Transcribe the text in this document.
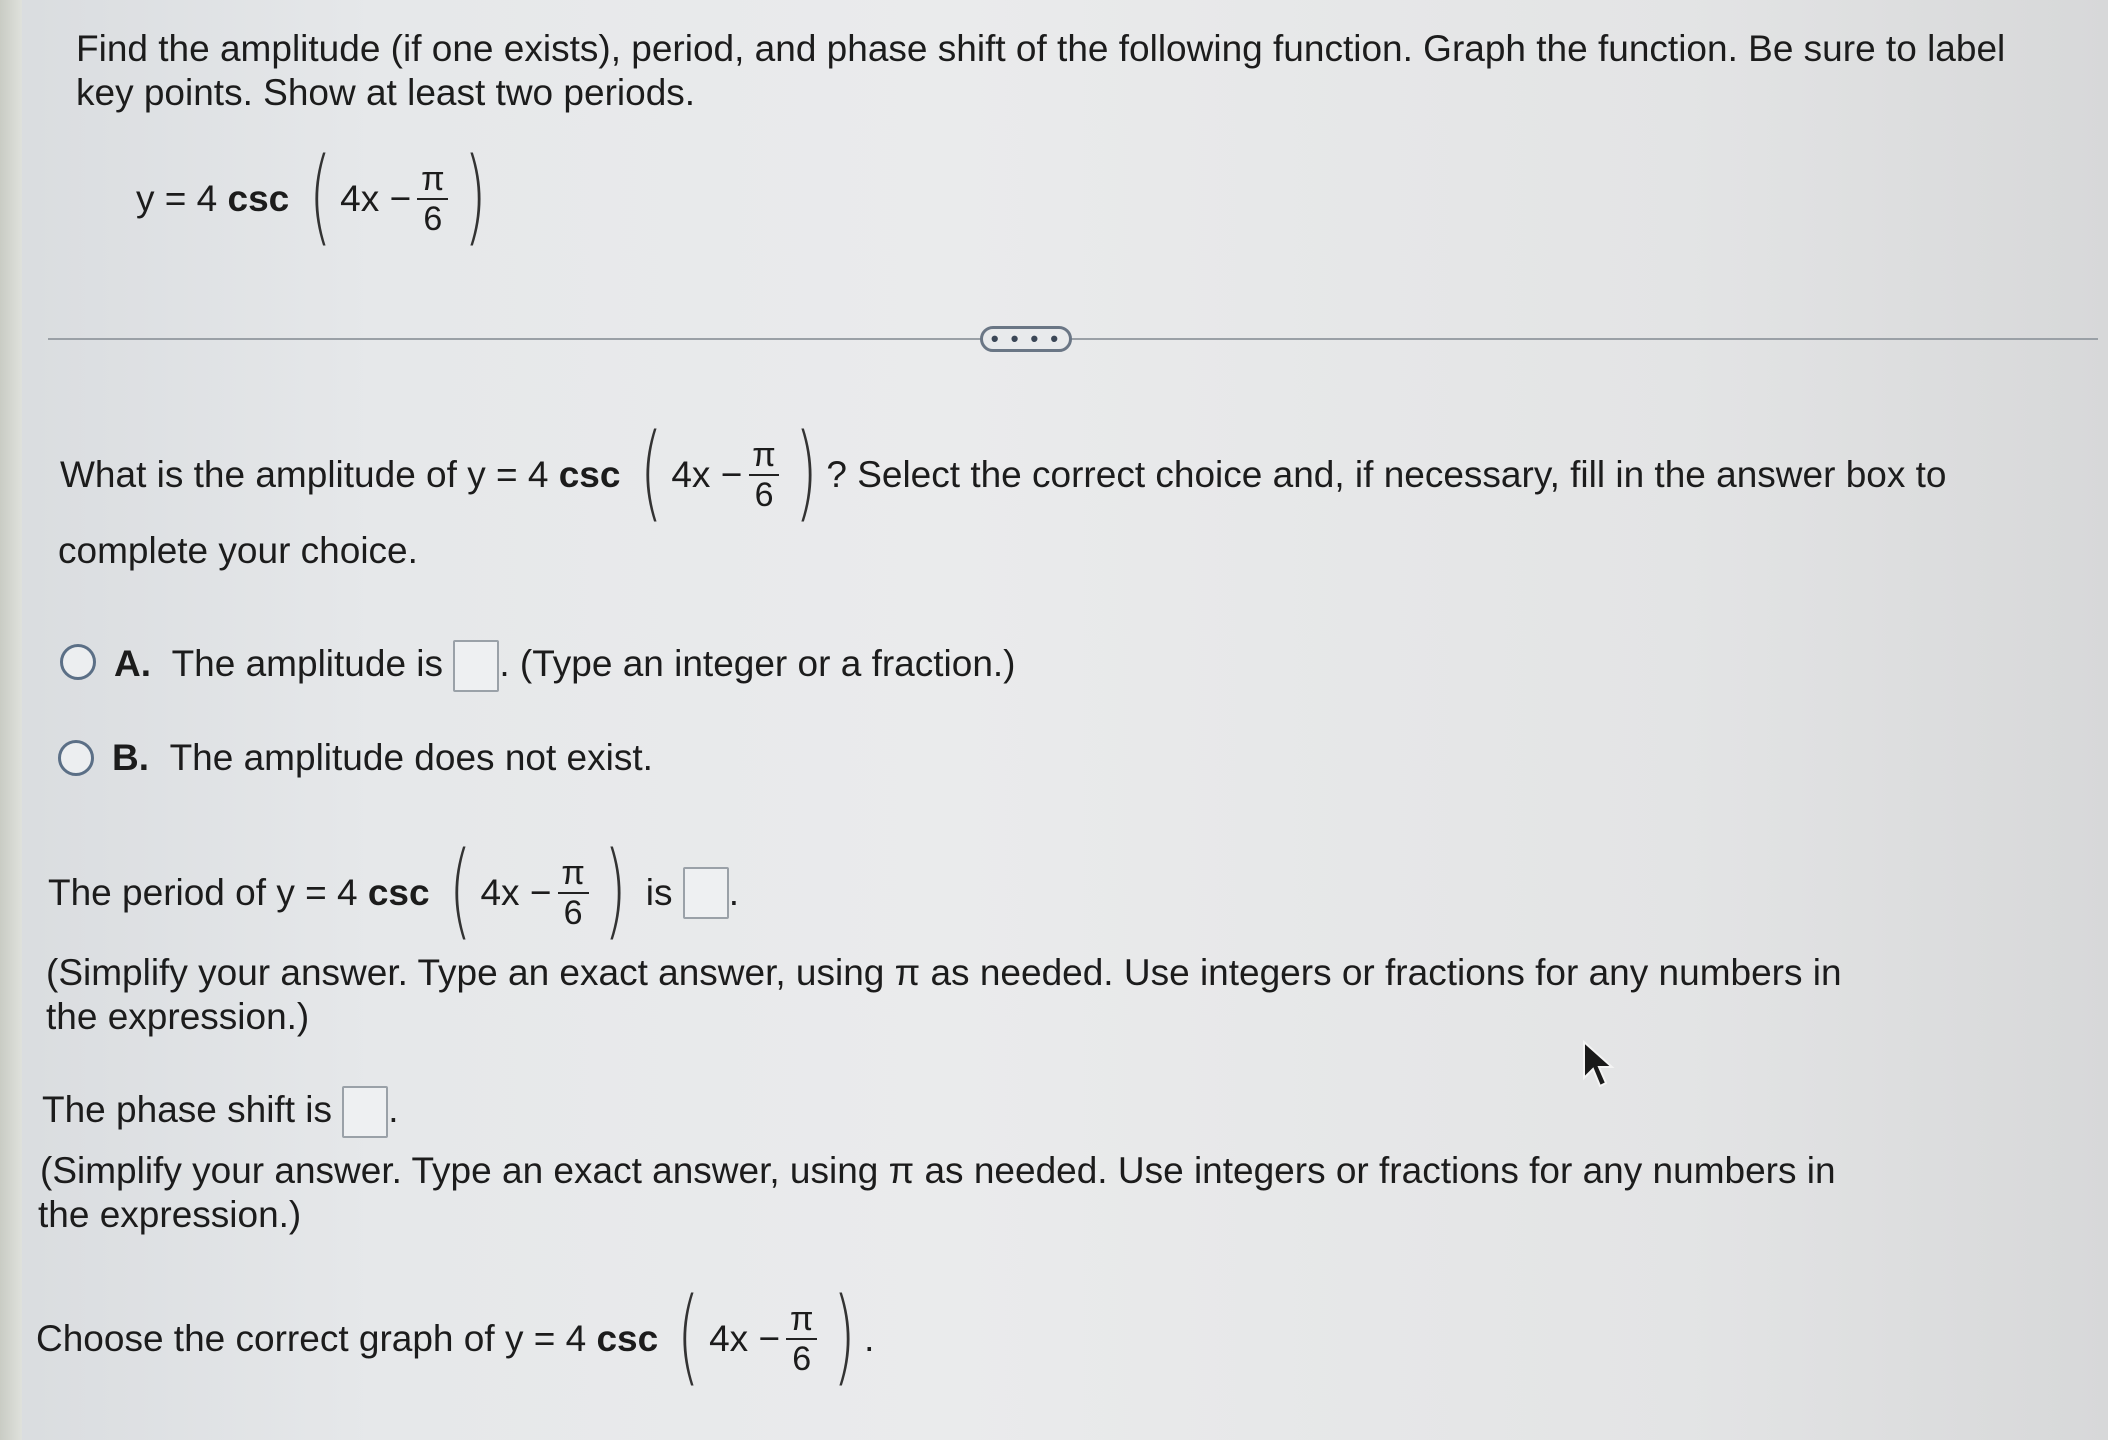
Find the amplitude (if one exists), period, and phase shift of the following function. Graph the function. Be sure to label
key points. Show at least two periods.
y = 4
csc
( $4x - \frac{\pi}{6}$ )
• • • •
What is the amplitude of
y = 4
csc
( $4x - \frac{\pi}{6}$ ) ? Select the correct choice and, if necessary, fill in the answer box to
complete your choice.
A. The amplitude is . (Type an integer or a fraction.)
B. The amplitude does not exist.
The period of
y = 4
csc
( $4x - \frac{\pi}{6}$ )
is
.
(Simplify your answer. Type an exact answer, using π as needed. Use integers or fractions for any numbers in
the expression.)
The phase shift is .
(Simplify your answer. Type an exact answer, using π as needed. Use integers or fractions for any numbers in
the expression.)
Choose the correct graph of
y = 4
csc
( $4x - \frac{\pi}{6}$ ) .
